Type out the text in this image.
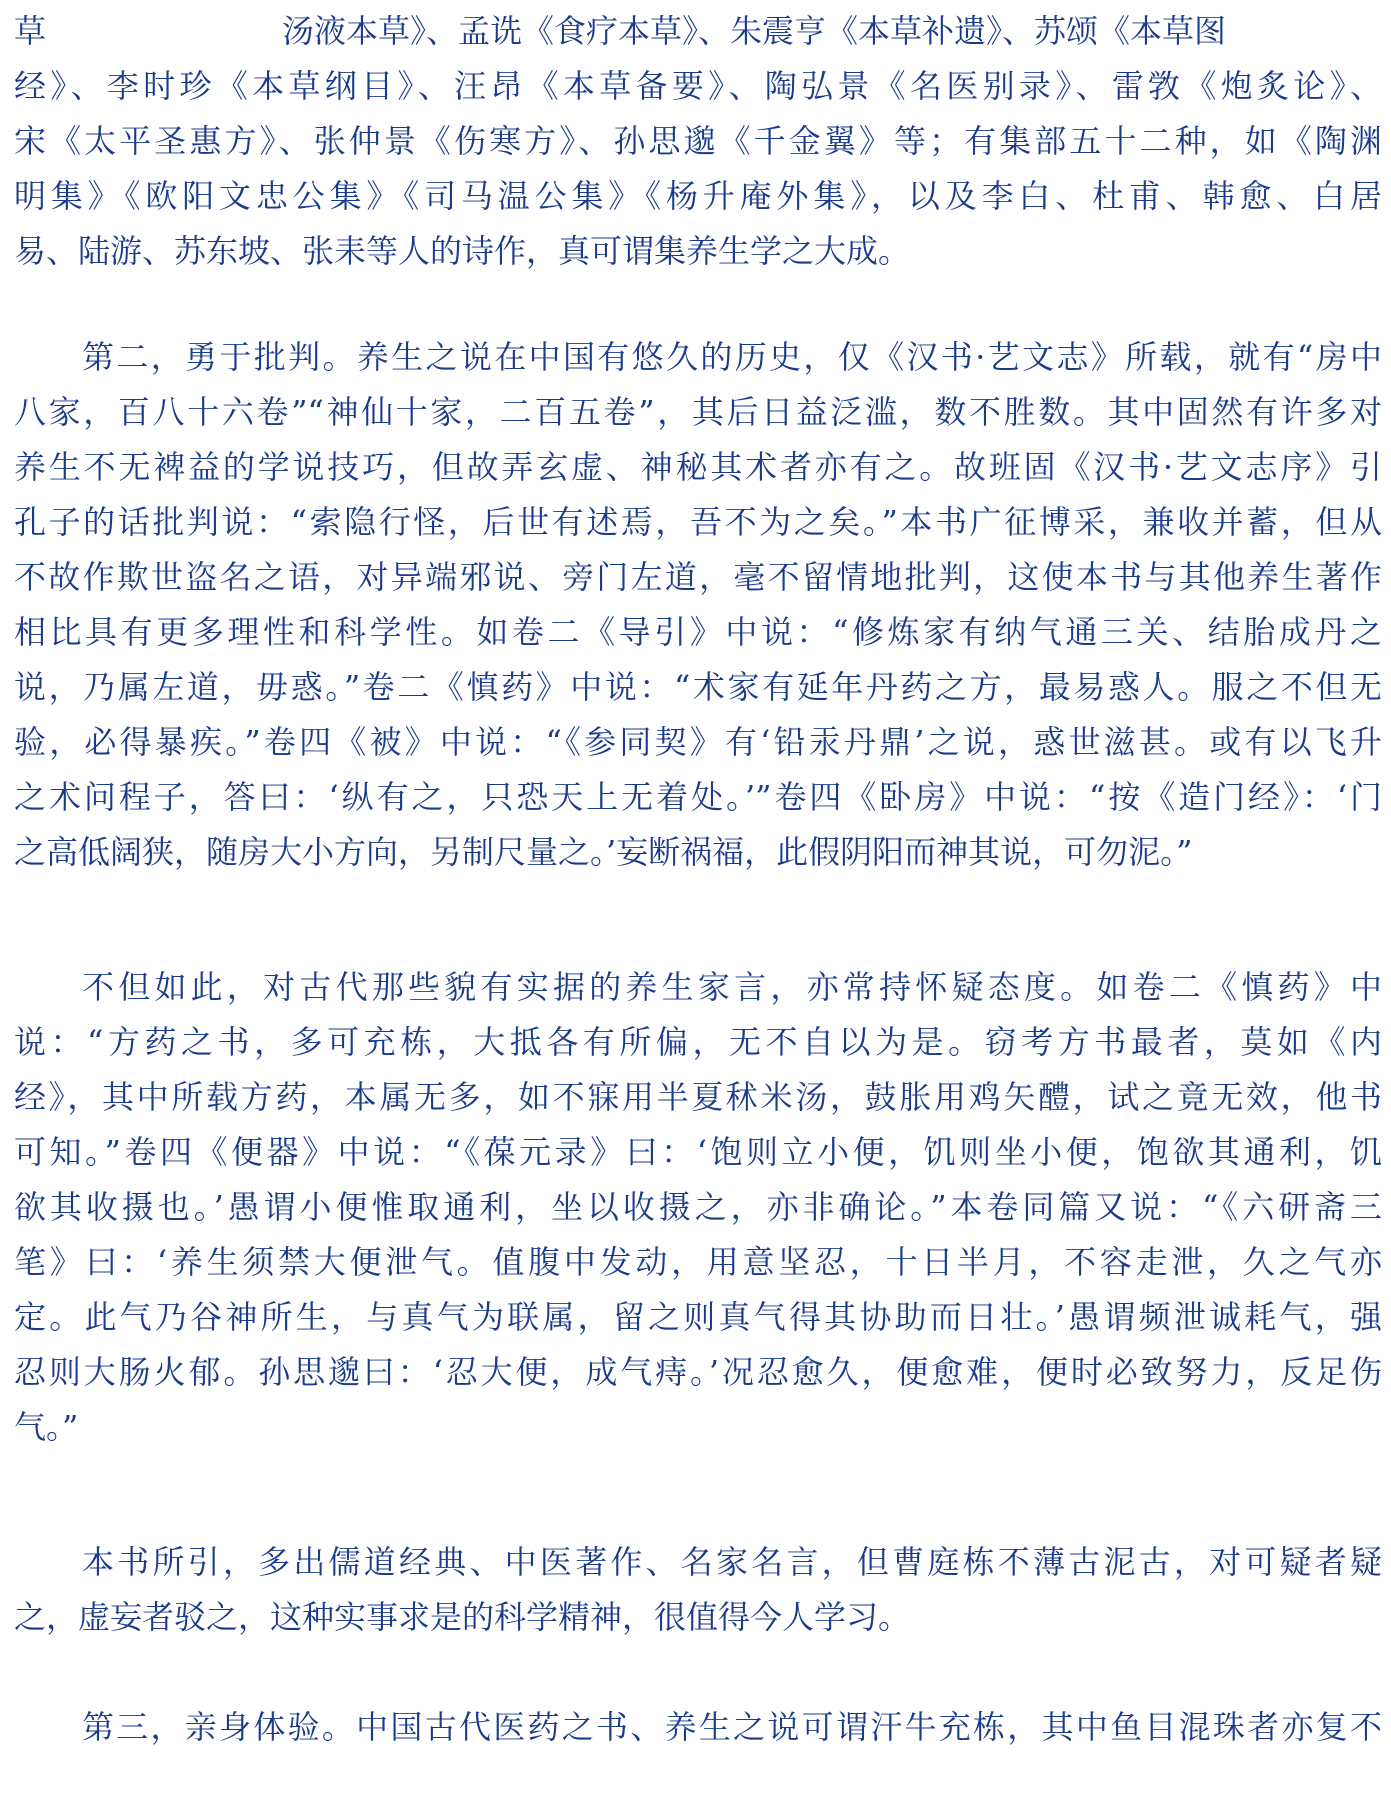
草	汤液本草》、孟诜《食疗本草》、朱震亨《本草补遗》、苏颂《本草图
经》、李时珍《本草纲目》、汪昂《本草备要》、陶弘景《名医别录》、雷敩《炮炙论》、
宋《太平圣惠方》、张仲景《伤寒方》、孙思邈《千金翼》等；有集部五十二种，如《陶渊
明集》《欧阳文忠公集》《司马温公集》《杨升庵外集》，以及李白、杜甫、韩愈、白居
易、陆游、苏东坡、张耒等人的诗作，真可谓集养生学之大成。
第二，勇于批判。养生之说在中国有悠久的历史，仅《汉书·艺文志》所载，就有“房中
八家，百八十六卷”“神仙十家，二百五卷”，其后日益泛滥，数不胜数。其中固然有许多对
养生不无裨益的学说技巧，但故弄玄虚、神秘其术者亦有之。故班固《汉书·艺文志序》引
孔子的话批判说：“索隐行怪，后世有述焉，吾不为之矣。”本书广征博采，兼收并蓄，但从
不故作欺世盗名之语，对异端邪说、旁门左道，毫不留情地批判，这使本书与其他养生著作
相比具有更多理性和科学性。如卷二《导引》中说：“修炼家有纳气通三关、结胎成丹之
说，乃属左道，毋惑。”卷二《慎药》中说：“术家有延年丹药之方，最易惑人。服之不但无
验，必得暴疾。”卷四《被》中说：“《参同契》有‘铅汞丹鼎’之说，惑世滋甚。或有以飞升
之术问程子，答曰：‘纵有之，只恐天上无着处。’”卷四《卧房》中说：“按《造门经》：‘门
之高低阔狭，随房大小方向，另制尺量之。’妄断祸福，此假阴阳而神其说，可勿泥。”
不但如此，对古代那些貌有实据的养生家言，亦常持怀疑态度。如卷二《慎药》中
说：“方药之书，多可充栋，大抵各有所偏，无不自以为是。窃考方书最者，莫如《内
经》，其中所载方药，本属无多，如不寐用半夏秫米汤，鼓胀用鸡矢醴，试之竟无效，他书
可知。”卷四《便器》中说：“《葆元录》曰：‘饱则立小便，饥则坐小便，饱欲其通利，饥
欲其收摄也。’愚谓小便惟取通利，坐以收摄之，亦非确论。”本卷同篇又说：“《六研斋三
笔》曰：‘养生须禁大便泄气。值腹中发动，用意坚忍，十日半月，不容走泄，久之气亦
定。此气乃谷神所生，与真气为联属，留之则真气得其协助而日壮。’愚谓频泄诚耗气，强
忍则大肠火郁。孙思邈曰：‘忍大便，成气痔。’况忍愈久，便愈难，便时必致努力，反足伤
气。”
本书所引，多出儒道经典、中医著作、名家名言，但曹庭栋不薄古泥古，对可疑者疑
之，虚妄者驳之，这种实事求是的科学精神，很值得今人学习。
第三，亲身体验。中国古代医药之书、养生之说可谓汗牛充栋，其中鱼目混珠者亦复不
